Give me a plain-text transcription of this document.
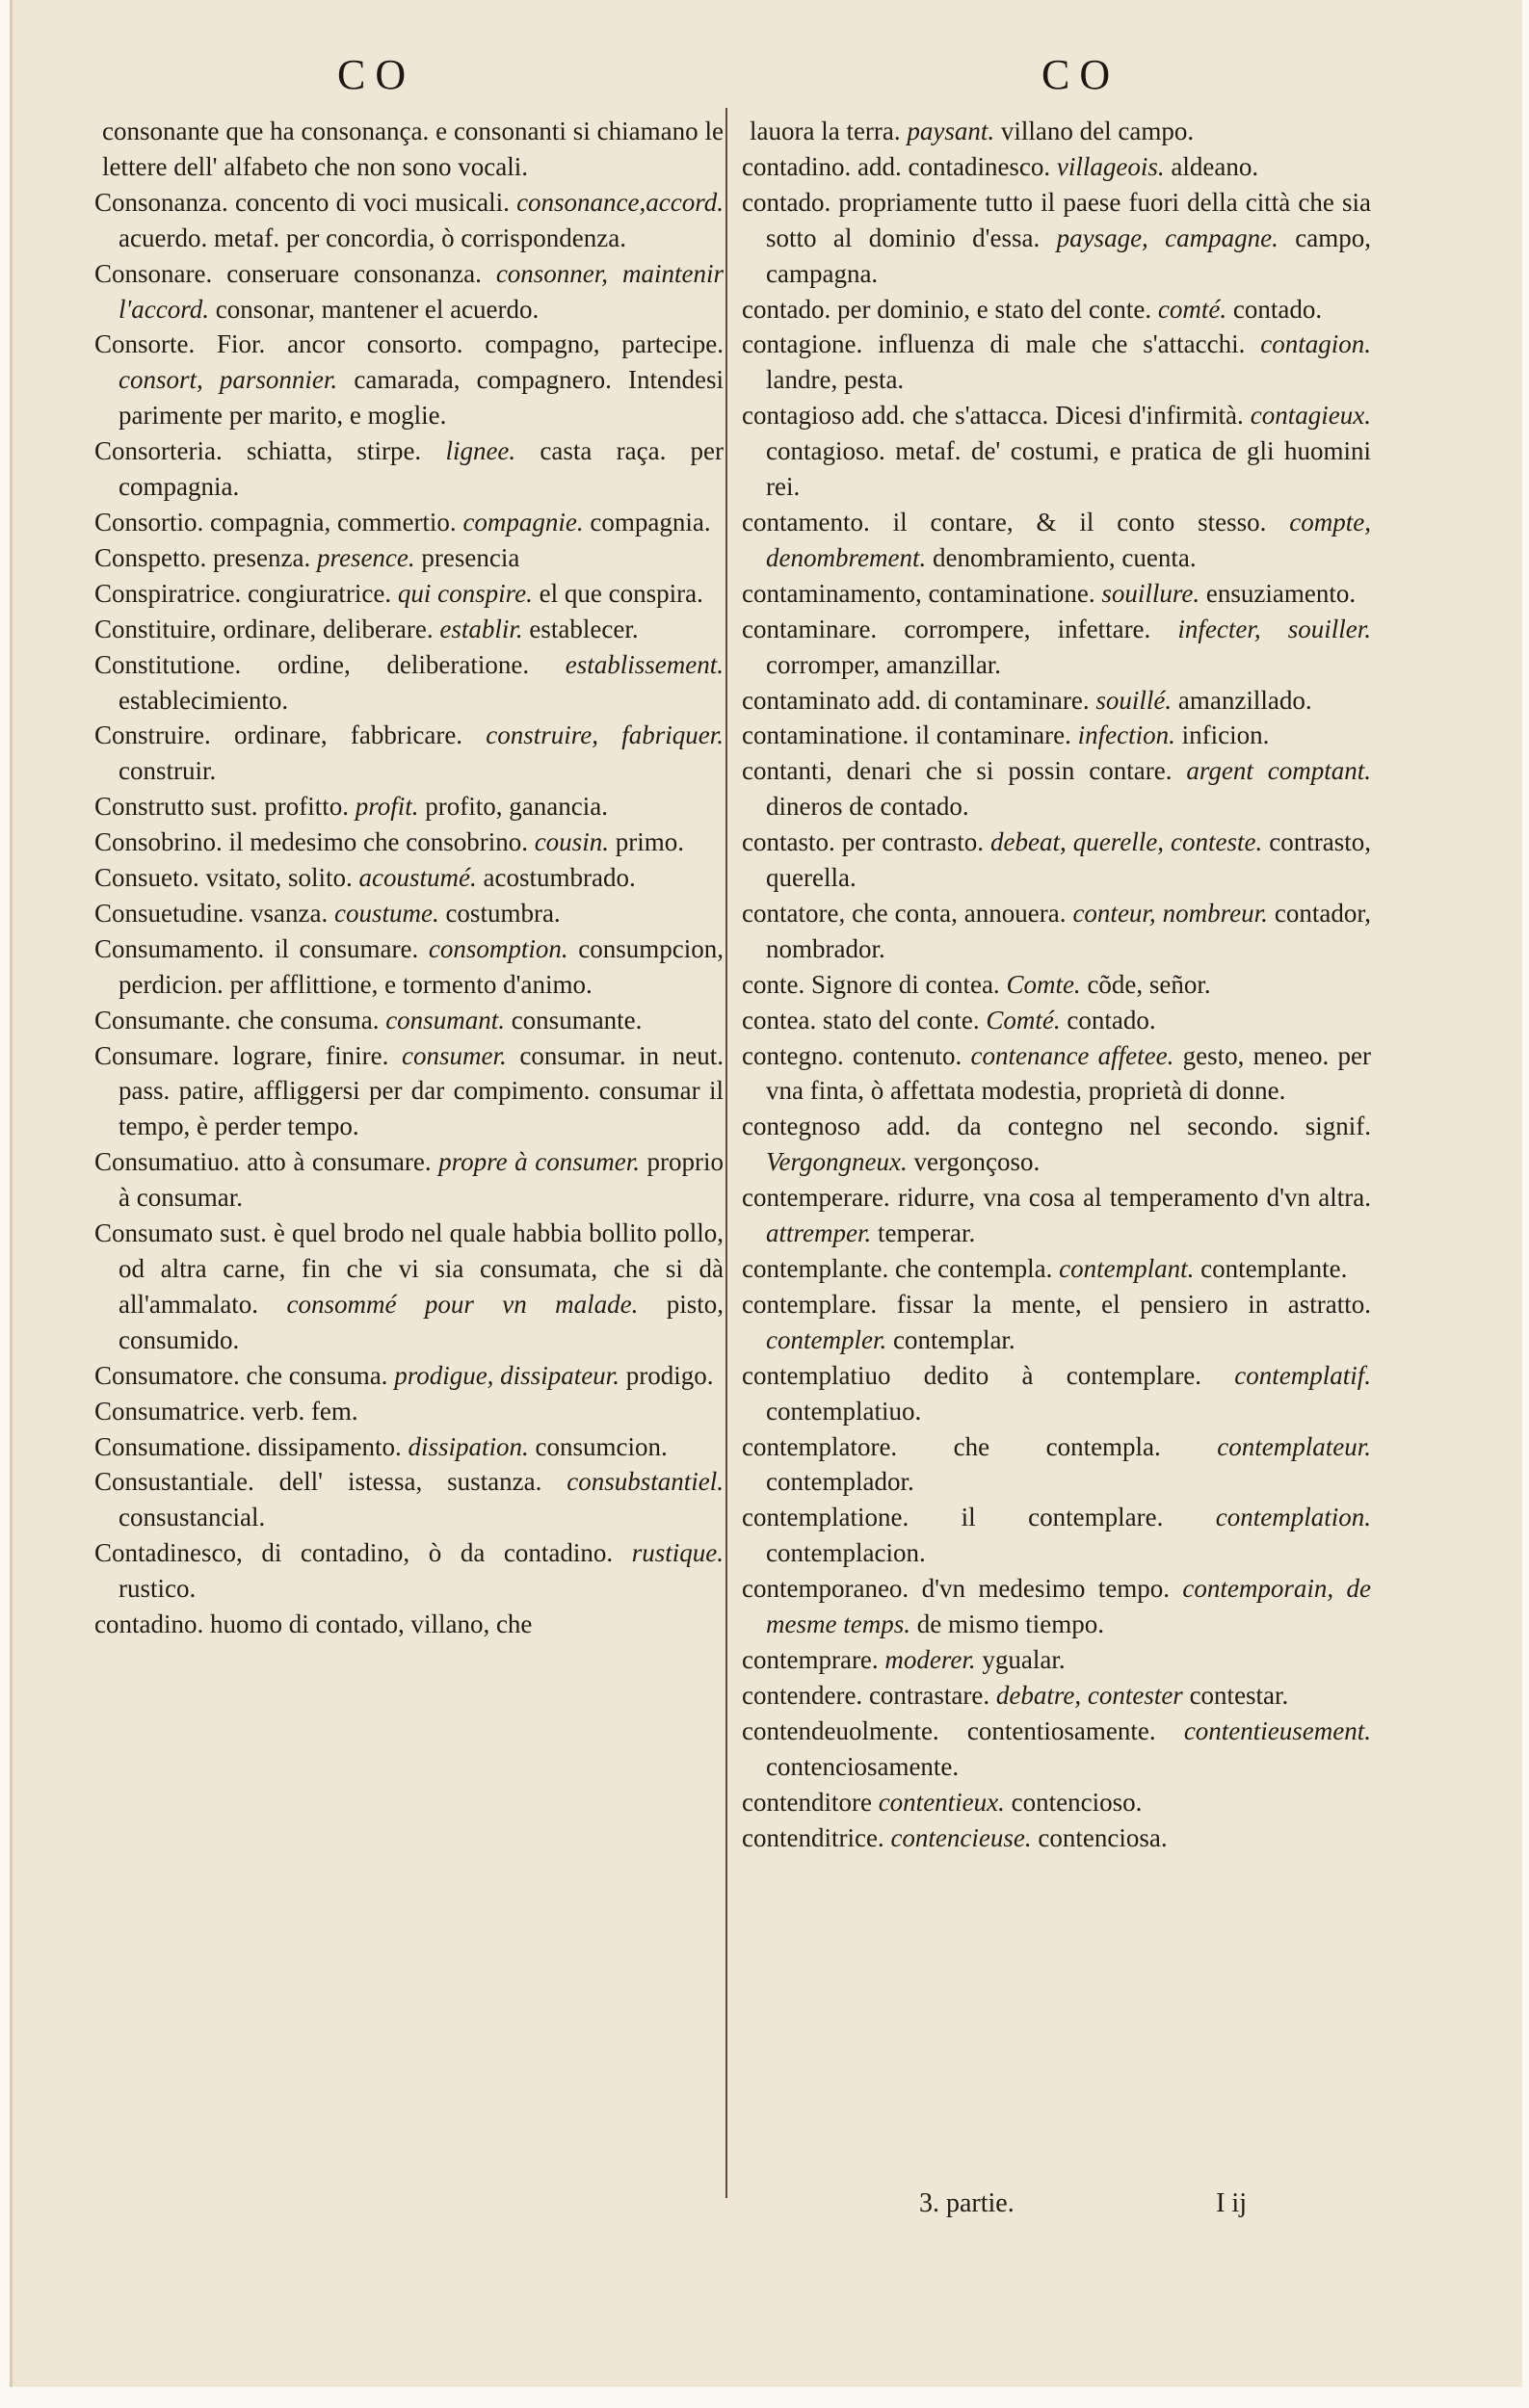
CO	CO
consonante que ha consonança. e consonanti si chiamano le lettere dell' alfabeto che non sono vocali.
Consonanza. concento di voci musicali. consonance,accord. acuerdo. metaf. per concordia, ò corrispondenza.
Consonare. conseruare consonanza. consonner, maintenir l'accord. consonar, mantener el acuerdo.
Consorte. Fior. ancor consorto. compagno, partecipe. consort, parsonnier. camarada, compagnero. Intendesi parimente per marito, e moglie.
Consorteria. schiatta, stirpe. lignee. casta raça. per compagnia.
Consortio. compagnia, commertio. compagnie. compagnia.
Conspetto. presenza. presence. presencia
Conspiratrice. congiuratrice. qui conspire. el que conspira.
Constituire, ordinare, deliberare. establir. establecer.
Constitutione. ordine, deliberatione. establissement. establecimiento.
Construire. ordinare, fabbricare. construire, fabriquer. construir.
Construtto sust. profitto. profit. profito, ganancia.
Consobrino. il medesimo che consobrino. cousin. primo.
Consueto. vsitato, solito. acoustumé. acostumbrado.
Consuetudine. vsanza. coustume. costumbra.
Consumamento. il consumare. consomption. consumpcion, perdicion. per afflittione, e tormento d'animo.
Consumante. che consuma. consumant. consumante.
Consumare. lograre, finire. consumer. consumar. in neut. pass. patire, affliggersi per dar compimento. consumar il tempo, è perder tempo.
Consumatiuo. atto à consumare. propre à consumer. proprio à consumar.
Consumato sust. è quel brodo nel quale habbia bollito pollo, od altra carne, fin che vi sia consumata, che si dà all'ammalato. consommé pour vn malade. pisto, consumido.
Consumatore. che consuma. prodigue, dissipateur. prodigo.
Consumatrice. verb. fem.
Consumatione. dissipamento. dissipation. consumcion.
Consustantiale. dell' istessa, sustanza. consubstantiel. consustancial.
Contadinesco, di contadino, ò da contadino. rustique. rustico.
contadino. huomo di contado, villano, che
lauora la terra. paysant. villano del campo.
contadino. add. contadinesco. villageois. aldeano.
contado. propriamente tutto il paese fuori della città che sia sotto al dominio d'essa. paysage, campagne. campo, campagna.
contado. per dominio, e stato del conte. comté. contado.
contagione. influenza di male che s'attacchi. contagion. landre, pesta.
contagioso add. che s'attacca. Dicesi d'infirmità. contagieux. contagioso. metaf. de' costumi, e pratica de gli huomini rei.
contamento. il contare, & il conto stesso. compte, denombrement. denombramiento, cuenta.
contaminamento, contaminatione. souillure. ensuziamento.
contaminare. corrompere, infettare. infecter, souiller. corromper, amanzillar.
contaminato add. di contaminare. souillé. amanzillado.
contaminatione. il contaminare. infection. inficion.
contanti, denari che si possin contare. argent comptant. dineros de contado.
contasto. per contrasto. debeat, querelle, conteste. contrasto, querella.
contatore, che conta, annouera. conteur, nombreur. contador, nombrador.
conte. Signore di contea. Comte. cõde, señor.
contea. stato del conte. Comté. contado.
contegno. contenuto. contenance affetee. gesto, meneo. per vna finta, ò affettata modestia, proprietà di donne.
contegnoso add. da contegno nel secondo. signif. Vergongneux. vergonçoso.
contemperare. ridurre, vna cosa al temperamento d'vn altra. attremper. temperar.
contemplante. che contempla. contemplant. contemplante.
contemplare. fissar la mente, el pensiero in astratto. contempler. contemplar.
contemplatiuo dedito à contemplare. contemplatif. contemplatiuo.
contemplatore. che contempla. contemplateur. contemplador.
contemplatione. il contemplare. contemplation. contemplacion.
contemporaneo. d'vn medesimo tempo. contemporain, de mesme temps. de mismo tiempo.
contemprare. moderer. ygualar.
contendere. contrastare. debatre, contester contestar.
contendeuolmente. contentiosamente. contentieusement. contenciosamente.
contenditore contentieux. contencioso.
contenditrice. contencieuse. contenciosa.
3. partie.	I ij
